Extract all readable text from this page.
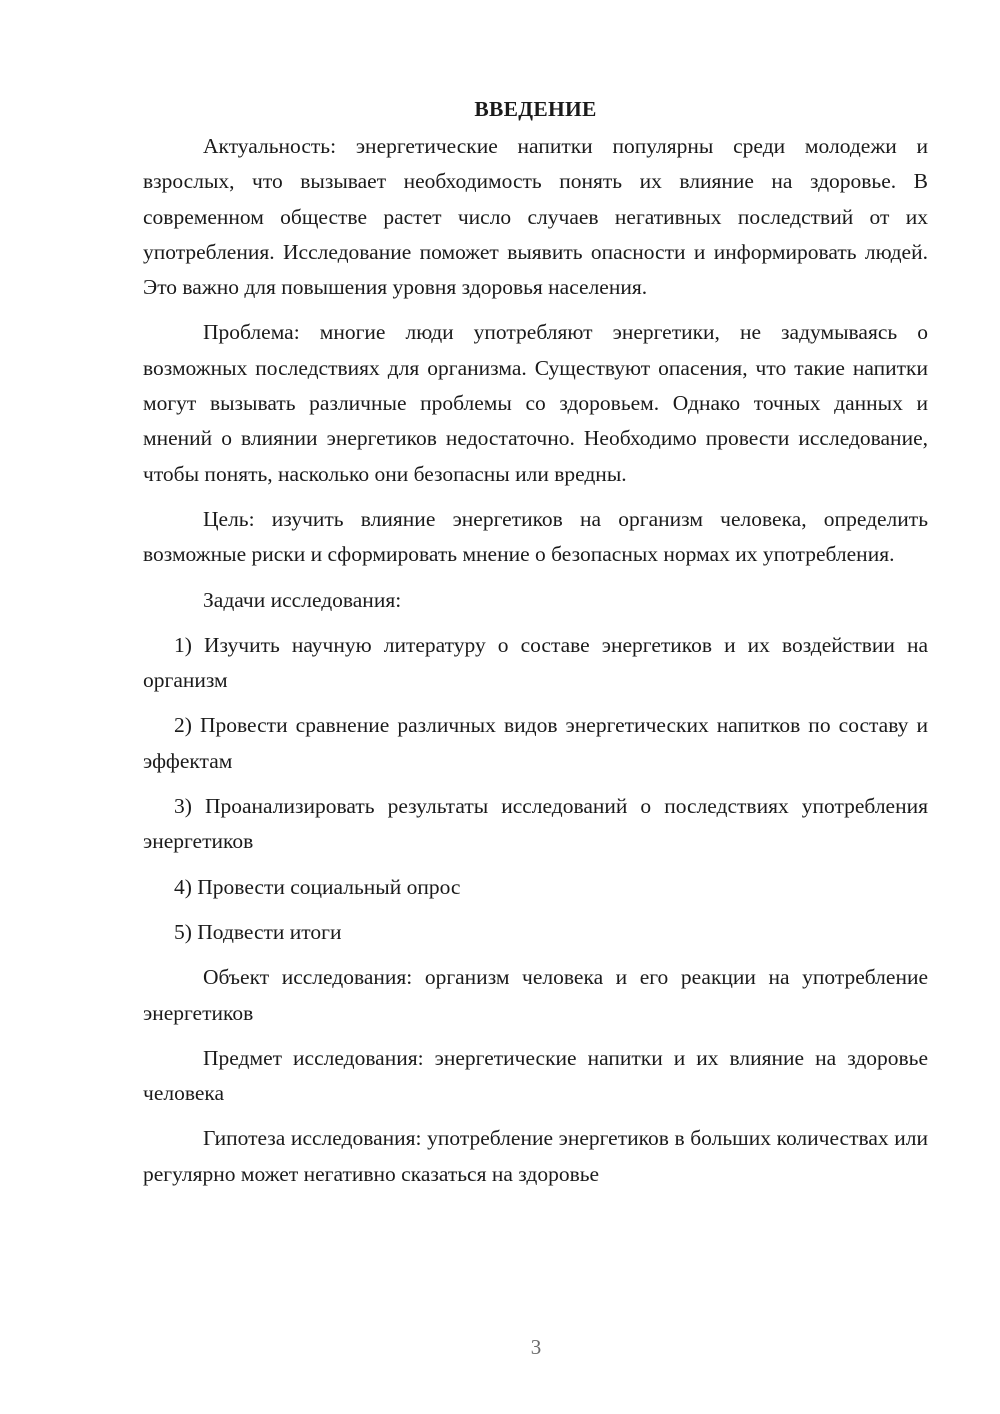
ВВЕДЕНИЕ

Актуальность: энергетические напитки популярны среди молодежи и взрослых, что вызывает необходимость понять их влияние на здоровье. В современном обществе растет число случаев негативных последствий от их употребления. Исследование поможет выявить опасности и информировать людей. Это важно для повышения уровня здоровья населения.

Проблема: многие люди употребляют энергетики, не задумываясь о возможных последствиях для организма. Существуют опасения, что такие напитки могут вызывать различные проблемы со здоровьем. Однако точных данных и мнений о влиянии энергетиков недостаточно. Необходимо провести исследование, чтобы понять, насколько они безопасны или вредны.

Цель: изучить влияние энергетиков на организм человека, определить возможные риски и сформировать мнение о безопасных нормах их употребления.

Задачи исследования:

1) Изучить научную литературу о составе энергетиков и их воздействии на организм

2) Провести сравнение различных видов энергетических напитков по составу и эффектам

3) Проанализировать результаты исследований о последствиях употребления энергетиков

4) Провести социальный опрос

5) Подвести итоги

Объект исследования: организм человека и его реакции на употребление энергетиков

Предмет исследования: энергетические напитки и их влияние на здоровье человека

Гипотеза исследования: употребление энергетиков в больших количествах или регулярно может негативно сказаться на здоровье

3
